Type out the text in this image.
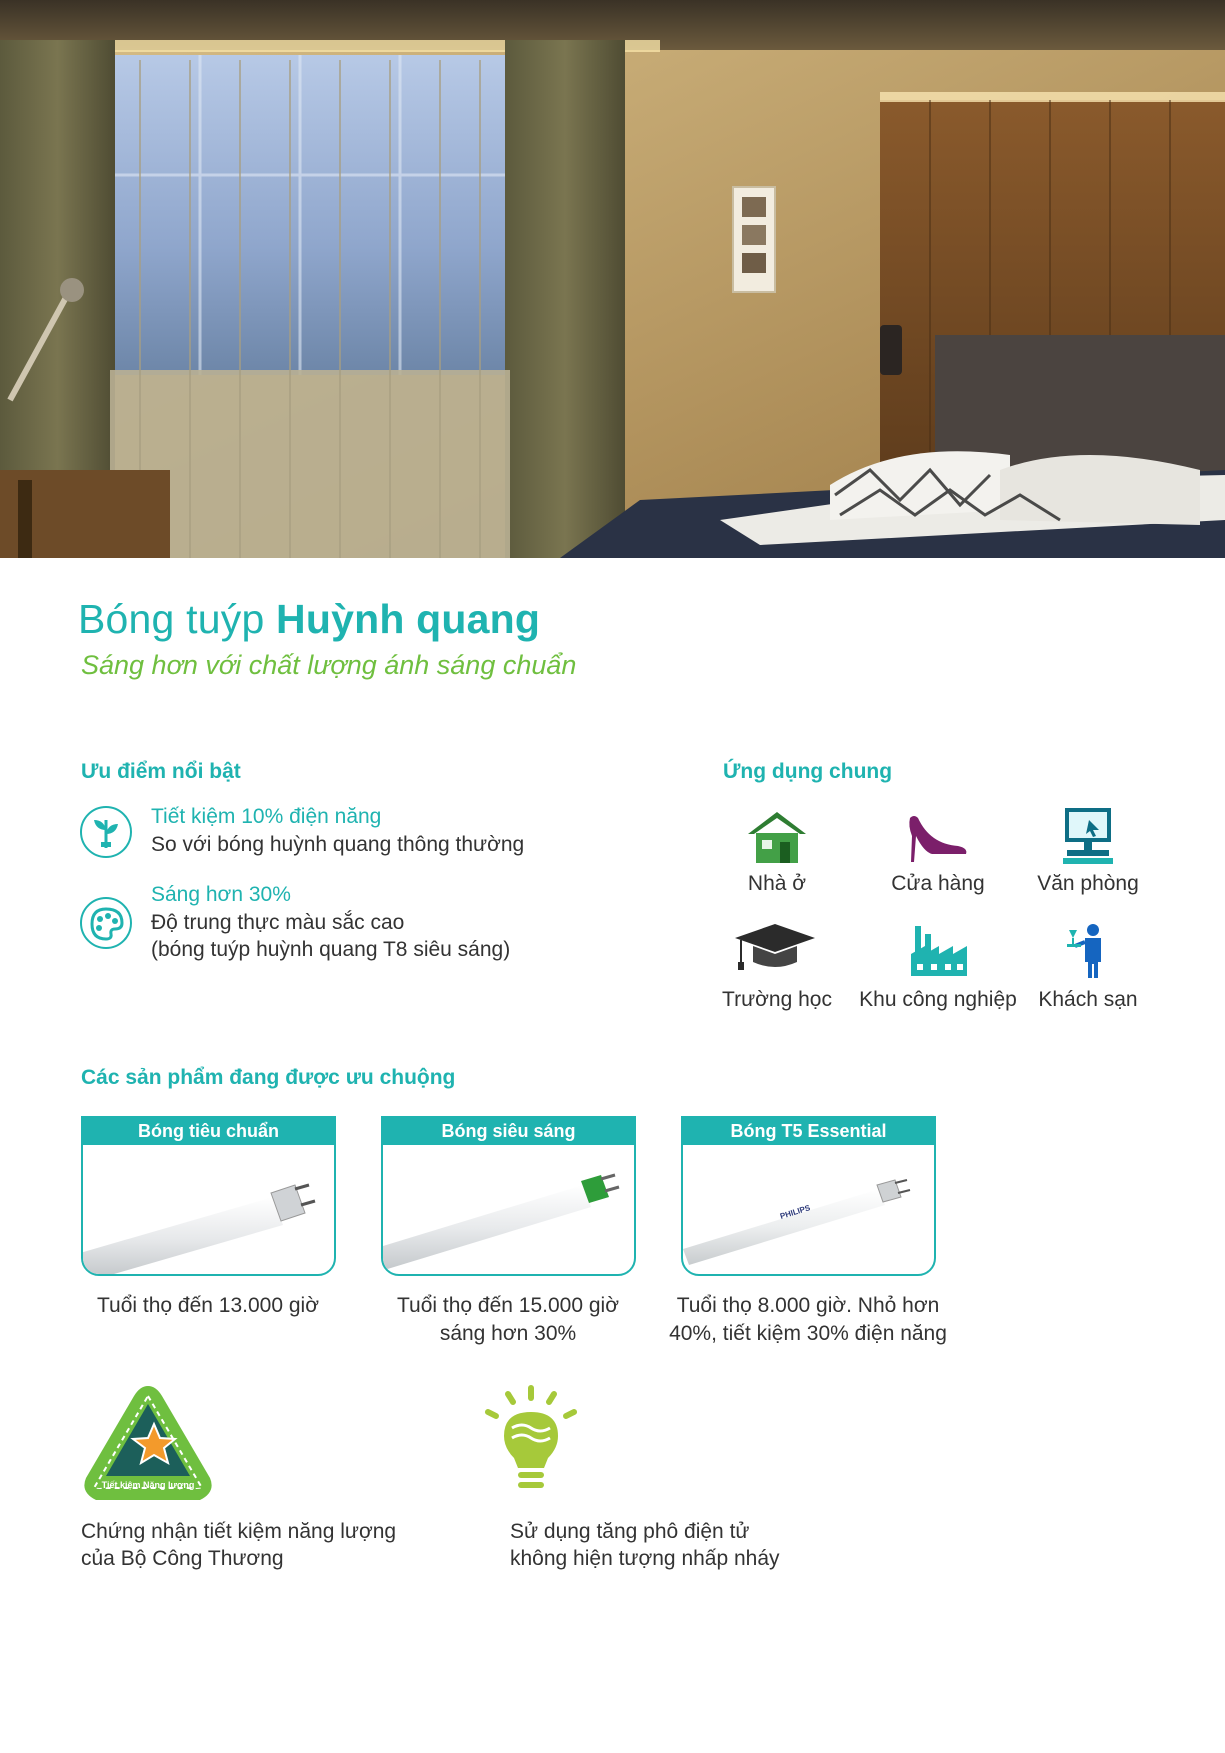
Bóng tuýp Huỳnh quang
Sáng hơn với chất lượng ánh sáng chuẩn
Ưu điểm nổi bật
Tiết kiệm 10% điện năng
So với bóng huỳnh quang thông thường
Sáng hơn 30%
Độ trung thực màu sắc cao
(bóng tuýp huỳnh quang T8 siêu sáng)
Ứng dụng chung
Nhà ở	Cửa hàng	Văn phòng
Trường học	Khu công nghiệp	Khách sạn
Các sản phẩm đang được ưu chuộng
Bóng tiêu chuẩn	Bóng siêu sáng	Bóng T5 Essential
PHILIPS
Tuổi thọ đến 13.000 giờ	Tuổi thọ đến 15.000 giờ
sáng hơn 30%
Tuổi thọ 8.000 giờ. Nhỏ hơn
40%, tiết kiệm 30% điện năng
Tiết kiệm Năng lượng
Chứng nhận tiết kiệm năng lượng
của Bộ Công Thương
Sử dụng tăng phô điện tử
không hiện tượng nhấp nháy
